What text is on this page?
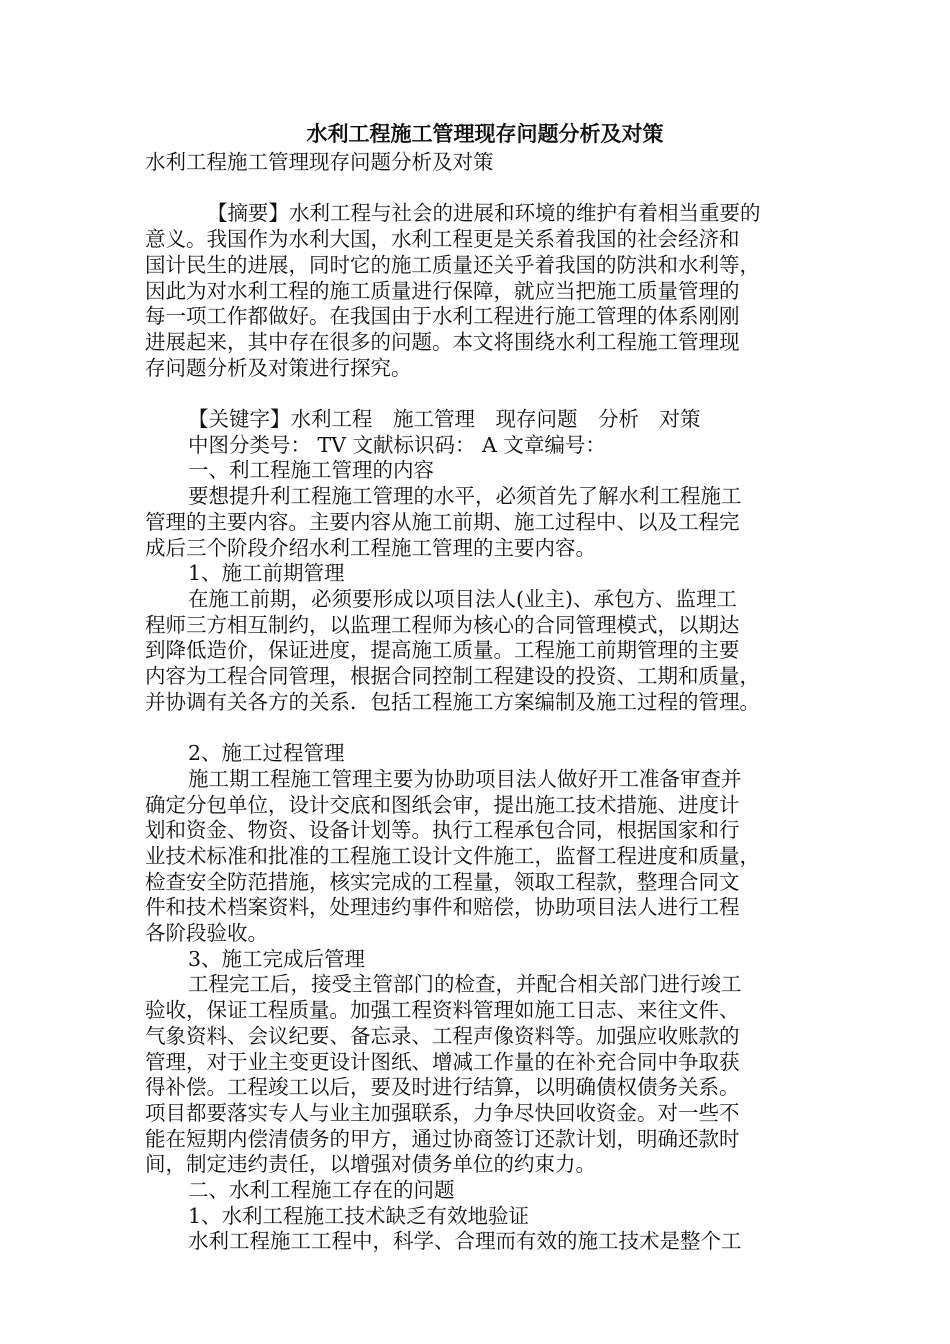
水利工程施工管理现存问题分析及对策

水利工程施工管理现存问题分析及对策

【摘要】水利工程与社会的进展和环境的维护有着相当重要的

意义。我国作为水利大国，水利工程更是关系着我国的社会经济和

国计民生的进展，同时它的施工质量还关乎着我国的防洪和水利等，

因此为对水利工程的施工质量进行保障，就应当把施工质量管理的

每一项工作都做好。在我国由于水利工程进行施工管理的体系刚刚

进展起来，其中存在很多的问题。本文将围绕水利工程施工管理现

存问题分析及对策进行探究。

【关键字】水利工程　施工管理　现存问题　分析　对策

中图分类号： TV 文献标识码： A 文章编号：

一、利工程施工管理的内容

要想提升利工程施工管理的水平，必须首先了解水利工程施工

管理的主要内容。主要内容从施工前期、施工过程中、以及工程完

成后三个阶段介绍水利工程施工管理的主要内容。

1、施工前期管理

在施工前期，必须要形成以项目法人(业主)、承包方、监理工

程师三方相互制约，以监理工程师为核心的合同管理模式，以期达

到降低造价，保证进度，提高施工质量。工程施工前期管理的主要

内容为工程合同管理，根据合同控制工程建设的投资、工期和质量，

并协调有关各方的关系．包括工程施工方案编制及施工过程的管理。

2、施工过程管理

施工期工程施工管理主要为协助项目法人做好开工准备审查并

确定分包单位，设计交底和图纸会审，提出施工技术措施、进度计

划和资金、物资、设备计划等。执行工程承包合同，根据国家和行

业技术标准和批准的工程施工设计文件施工，监督工程进度和质量，

检查安全防范措施，核实完成的工程量，领取工程款，整理合同文

件和技术档案资料，处理违约事件和赔偿，协助项目法人进行工程

各阶段验收。

3、施工完成后管理

工程完工后，接受主管部门的检查，并配合相关部门进行竣工

验收，保证工程质量。加强工程资料管理如施工日志、来往文件、

气象资料、会议纪要、备忘录、工程声像资料等。加强应收账款的

管理，对于业主变更设计图纸、增减工作量的在补充合同中争取获

得补偿。工程竣工以后，要及时进行结算，以明确债权债务关系。

项目都要落实专人与业主加强联系，力争尽快回收资金。对一些不

能在短期内偿清债务的甲方，通过协商签订还款计划，明确还款时

间，制定违约责任，以增强对债务单位的约束力。

二、水利工程施工存在的问题

1、水利工程施工技术缺乏有效地验证

水利工程施工工程中，科学、合理而有效的施工技术是整个工
